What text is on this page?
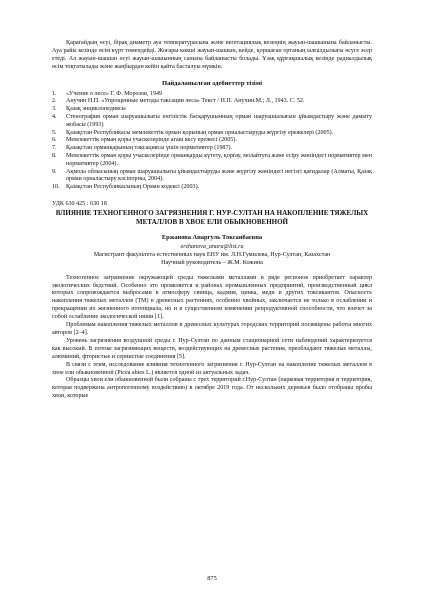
Қарағайдың өсуі, бірақ диаметр ауа температурасына және вегетациялық кезеңнің жауын-шашынына байланысты. Ауа райы кезінде өсім күрт төмендейді. Жоғары көкші жауын-шашын, кейде, қоршаған ортаның ылғалдылығы өсуге әсер етеді. Ал жауын-шашын өсуі жауын-шашынның санына байланысты болады. Ұзақ құрғақшылық кезінде радиалдылық өсім тоқтатылады және жаңбырдан кейін қайта басталуы мүмкін.

Пайдаланылған әдебиеттер тізімі

1.	«Учение о лесе» Г. Ф. Морозов, 1949
2.	Анучин Н.П. «Упрощенные методы таксации леса» Текст / Н.П. Анучин.М.; Л., 1943. С. 52.
3.	Қазақ энциклопедиясы
4.	Стенография орман шаруашылығы енгізістік басқарушынның орман шаруашылығын ұйымдастыру және дамыту жобасы (1993)
5.	Қазақстан Республикасы мемлекеттік орман қорының орман орналастыруды жүргізу ережелері (2005).
6.	Мемлекеттік орман қоры учаскелерінде ағаш кесу ережесі (2005).
7.	Қазақстан орманқарының таксациясы үшін нормативтер (1987).
8.	Мемлекеттік орман қоры учаскелерінде орманқарды күтету, қорғау, молайтуға және есіру жөніндегі нормативтер мен нормативтер (2004).
9.	Ақмола облысының орман шаруашылығы ұйымдастыруды және жүргізу жөніндегі негізгі қағидалар (Алматы, Қазақ орман орналастыру кәсіпорны, 2004).
10.	Қазақстан Республикасының Орман кодексі (2003).

УДК 630 425 : 630 18

ВЛИЯНИЕ ТЕХНОГЕННОГО ЗАГРЯЗНЕНИЯ Г. НУР-СУЛТАН НА НАКОПЛЕНИЕ ТЯЖЕЛЫХ МЕТАЛЛОВ В ХВОЕ ЕЛИ ОБЫКНОВЕННОЙ

Ержанова Анаргуль Токсанбаевна

erzhanova_anara@list.ru

Магистрант факультета естественных наук ЕНУ им. Л.Н.Гумилева, Нур-Султан, Казахстан

Научный руководитель – Ж.М. Кожина

Техногенное загрязнение окружающей среды тяжелыми металлами в ряде регионов приобретает характер экологических бедствий. Особенно это проявляется в районах промышленных предприятий, производственный цикл которых сопровождается выбросами в атмосферу свинца, кадмия, цинка, меди и других токсикантов. Опасность накопления тяжелых металлов (ТМ) в древесных растениях, особенно хвойных, заключается не только в ослаблении и прекращении их жизненного потенциала, но и в существенном изменении репродуктивной способности, что влечет за собой ослабление экологической ниши [1].

Проблемам накопления тяжелых металлов в древесных культурах городских территорий посвящены работы многих авторов [2–4].

Уровень загрязнения воздушной среды г. Нур-Султан по данным стационарной сети наблюдений характеризуется как высокий. В потоке загрязняющих веществ, воздействующих на древесные растения, преобладают тяжелые металлы, алюминий, фтористые и сернистые соединения [5].

В связи с этим, исследование влияния техногенного загрязнения г. Нур-Султан на накопление тяжелых металлов в хвое ели обыкновенной (Picea abies L.) является одной из актуальных задач.

Образцы хвои ели обыкновенной были собраны с трех территорий г.Нур-Султан (парковая территория и территория, которая подвержена антропогенному воздействию) в октябре 2019 года. От нескольких деревьев было отобраны пробы хвои, которые

875
